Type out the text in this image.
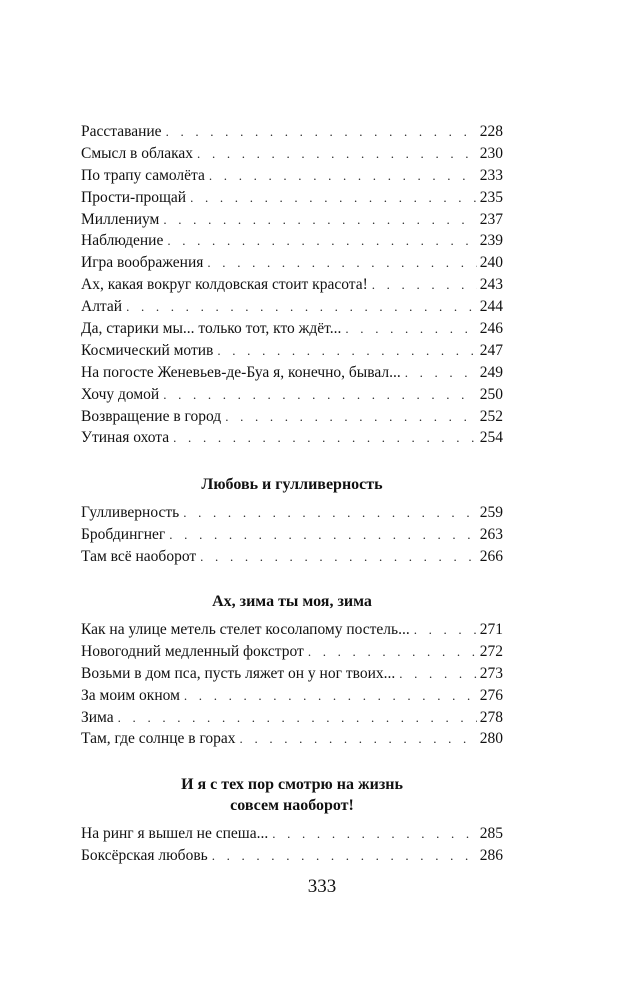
Расставание . . .	228
Смысл в облаках . . .	230
По трапу самолёта . . .	233
Прости-прощай . . .	235
Миллениум . . .	237
Наблюдение . . .	239
Игра воображения . . .	240
Ах, какая вокруг колдовская стоит красота! . . .	243
Алтай . . .	244
Да, старики мы... только тот, кто ждёт... . . .	246
Космический мотив . . .	247
На погосте Женевьев-де-Буа я, конечно, бывал... . . .	249
Хочу домой . . .	250
Возвращение в город . . .	252
Утиная охота . . .	254
Любовь и гулливерность
Гулливерность . . .	259
Бробдингнег . . .	263
Там всё наоборот . . .	266
Ах, зима ты моя, зима
Как на улице метель стелет косолапому постель... . . .	271
Новогодний медленный фокстрот . . .	272
Возьми в дом пса, пусть ляжет он у ног твоих... . . .	273
За моим окном . . .	276
Зима . . .	278
Там, где солнце в горах . . .	280
И я с тех пор смотрю на жизнь
совсем наоборот!
На ринг я вышел не спеша... . . .	285
Боксёрская любовь . . .	286
333
